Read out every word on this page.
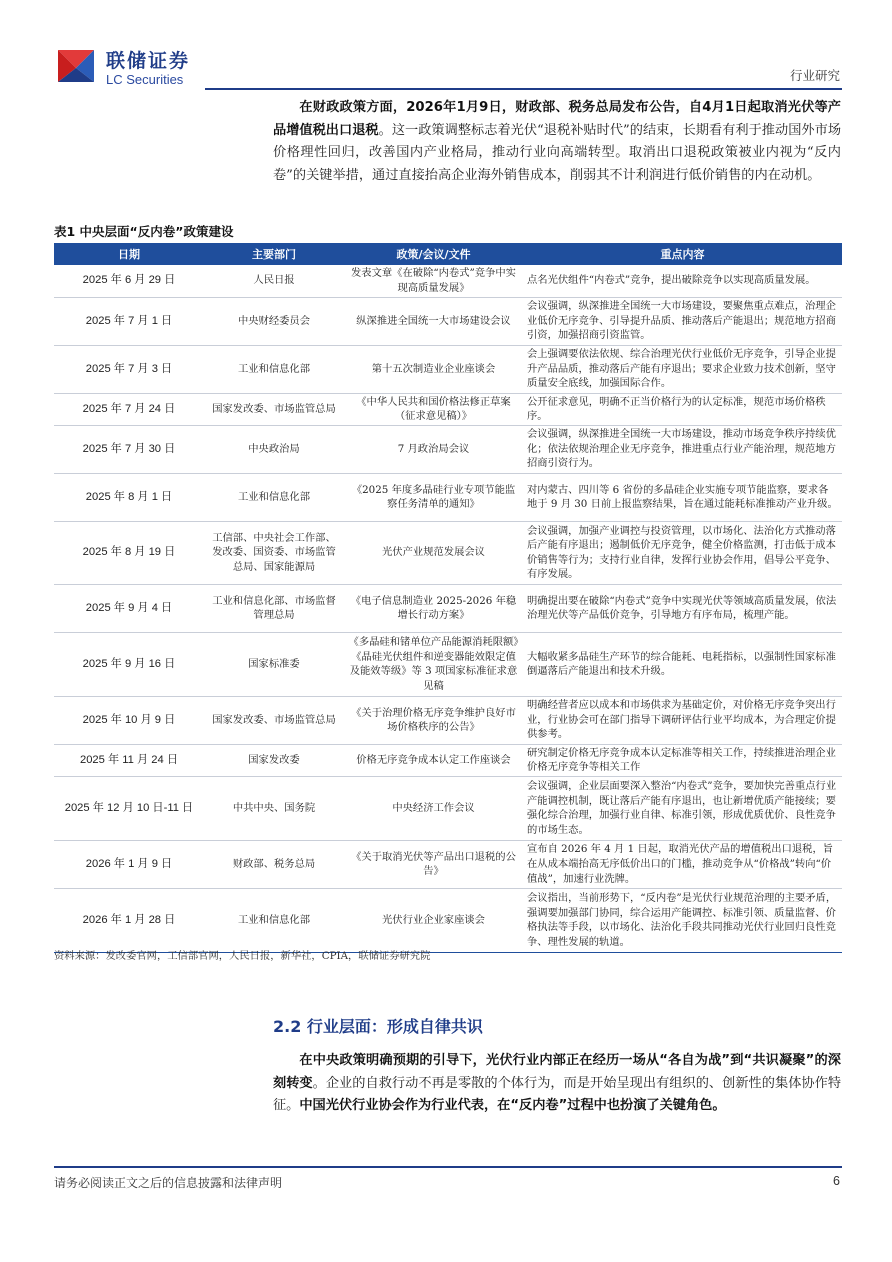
联储证券
LC Securities	行业研究

在财政政策方面，2026年1月9日，财政部、税务总局发布公告，自4月1日起取消光伏等产品增值税出口退税。这一政策调整标志着光伏“退税补贴时代”的结束，长期看有利于推动国外市场价格理性回归，改善国内产业格局，推动行业向高端转型。取消出口退税政策被业内视为“反内卷”的关键举措，通过直接抬高企业海外销售成本，削弱其不计利润进行低价销售的内在动机。

表1 中央层面“反内卷”政策建设
日期	主要部门	政策/会议/文件	重点内容
2025 年 6 月 29 日	人民日报	发表文章《在破除“内卷式”竞争中实现高质量发展》	点名光伏组件“内卷式”竞争，提出破除竞争以实现高质量发展。
2025 年 7 月 1 日	中央财经委员会	纵深推进全国统一大市场建设会议	会议强调，纵深推进全国统一大市场建设，要聚焦重点难点，治理企业低价无序竞争、引导提升品质、推动落后产能退出；规范地方招商引资，加强招商引资监管。
2025 年 7 月 3 日	工业和信息化部	第十五次制造业企业座谈会	会上强调要依法依规、综合治理光伏行业低价无序竞争，引导企业提升产品品质，推动落后产能有序退出；要求企业致力技术创新，坚守质量安全底线，加强国际合作。
2025 年 7 月 24 日	国家发改委、市场监管总局	《中华人民共和国价格法修正草案（征求意见稿）》	公开征求意见，明确不正当价格行为的认定标准，规范市场价格秩序。
2025 年 7 月 30 日	中央政治局	7 月政治局会议	会议强调，纵深推进全国统一大市场建设，推动市场竞争秩序持续优化；依法依规治理企业无序竞争，推进重点行业产能治理，规范地方招商引资行为。
2025 年 8 月 1 日	工业和信息化部	《2025 年度多晶硅行业专项节能监察任务清单的通知》	对内蒙古、四川等 6 省份的多晶硅企业实施专项节能监察，要求各地于 9 月 30 日前上报监察结果，旨在通过能耗标准推动产业升级。
2025 年 8 月 19 日	工信部、中央社会工作部、发改委、国资委、市场监管总局、国家能源局	光伏产业规范发展会议	会议强调，加强产业调控与投资管理，以市场化、法治化方式推动落后产能有序退出；遏制低价无序竞争，健全价格监测，打击低于成本价销售等行为；支持行业自律，发挥行业协会作用，倡导公平竞争、有序发展。
2025 年 9 月 4 日	工业和信息化部、市场监督管理总局	《电子信息制造业 2025-2026 年稳增长行动方案》	明确提出要在破除“内卷式”竞争中实现光伏等领域高质量发展，依法治理光伏等产品低价竞争，引导地方有序布局，梳理产能。
2025 年 9 月 16 日	国家标准委	《多晶硅和锗单位产品能源消耗限额》《晶硅光伏组件和逆变器能效限定值及能效等级》等 3 项国家标准征求意见稿	大幅收紧多晶硅生产环节的综合能耗、电耗指标，以强制性国家标准倒逼落后产能退出和技术升级。
2025 年 10 月 9 日	国家发改委、市场监管总局	《关于治理价格无序竞争维护良好市场价格秩序的公告》	明确经营者应以成本和市场供求为基础定价，对价格无序竞争突出行业，行业协会可在部门指导下调研评估行业平均成本，为合理定价提供参考。
2025 年 11 月 24 日	国家发改委	价格无序竞争成本认定工作座谈会	研究制定价格无序竞争成本认定标准等相关工作，持续推进治理企业价格无序竞争等相关工作
2025 年 12 月 10 日-11 日	中共中央、国务院	中央经济工作会议	会议强调，企业层面要深入整治“内卷式”竞争，要加快完善重点行业产能调控机制，既让落后产能有序退出，也让新增优质产能接续；要强化综合治理，加强行业自律、标准引领，形成优质优价、良性竞争的市场生态。
2026 年 1 月 9 日	财政部、税务总局	《关于取消光伏等产品出口退税的公告》	宣布自 2026 年 4 月 1 日起，取消光伏产品的增值税出口退税，旨在从成本端抬高无序低价出口的门槛，推动竞争从“价格战”转向“价值战”，加速行业洗牌。
2026 年 1 月 28 日	工业和信息化部	光伏行业企业家座谈会	会议指出，当前形势下，“反内卷”是光伏行业规范治理的主要矛盾，强调要加强部门协同，综合运用产能调控、标准引领、质量监督、价格执法等手段，以市场化、法治化手段共同推动光伏行业回归良性竞争、理性发展的轨道。
资料来源：发改委官网，工信部官网，人民日报，新华社，CPIA，联储证券研究院
2.2 行业层面：形成自律共识

在中央政策明确预期的引导下，光伏行业内部正在经历一场从“各自为战”到“共识凝聚”的深刻转变。企业的自救行动不再是零散的个体行为，而是开始呈现出有组织的、创新性的集体协作特征。中国光伏行业协会作为行业代表，在“反内卷”过程中也扮演了关键角色。

请务必阅读正文之后的信息披露和法律声明	6
